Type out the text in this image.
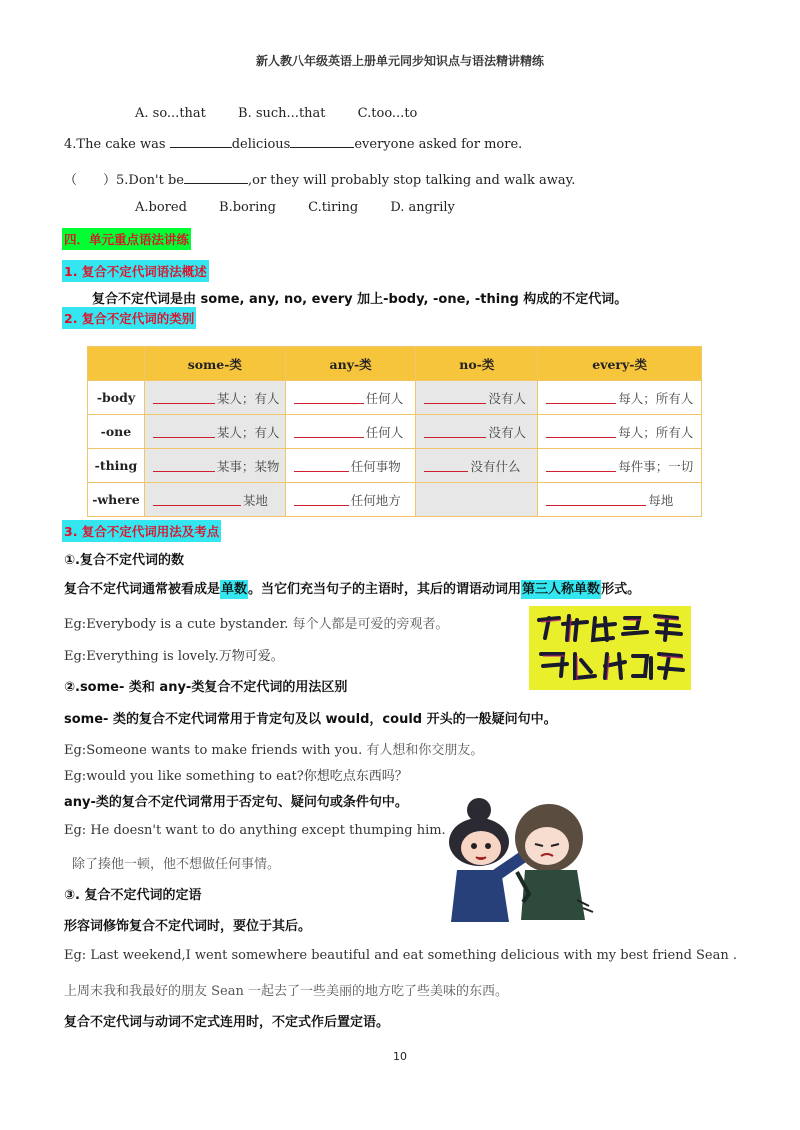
新人教八年级英语上册单元同步知识点与语法精讲精练
A. so...that B. such...that C.too...to
4.The cake was	delicious	everyone asked for more.
（　　）5.Don't be	,or they will probably stop talking and walk away.
A.bored B.boring C.tiring D. angrily
四．单元重点语法讲练
1. 复合不定代词语法概述
复合不定代词是由 some, any, no, every 加上-body, -one, -thing 构成的不定代词。
2. 复合不定代词的类别
	some-类	any-类	no-类	every-类
-body	某人；有人	任何人	没有人	每人；所有人

-one	某人；有人	任何人	没有人	每人；所有人

-thing	某事；某物	任何事物	没有什么	每件事；一切

-where	某地	任何地方		每地
3. 复合不定代词用法及考点
①.复合不定代词的数
复合不定代词通常被看成是单数。当它们充当句子的主语时，其后的谓语动词用第三人称单数形式。
Eg:Everybody is a cute bystander. 每个人都是可爱的旁观者。
Eg:Everything is lovely.万物可爱。
②.some- 类和 any-类复合不定代词的用法区别
some- 类的复合不定代词常用于肯定句及以 would，could 开头的一般疑问句中。
Eg:Someone wants to make friends with you. 有人想和你交朋友。
Eg:would you like something to eat?你想吃点东西吗？
any-类的复合不定代词常用于否定句、疑问句或条件句中。
Eg: He doesn't want to do anything except thumping him.
除了揍他一顿，他不想做任何事情。
③. 复合不定代词的定语
形容词修饰复合不定代词时，要位于其后。
Eg: Last weekend,I went somewhere beautiful and eat something delicious with my best friend Sean .
上周末我和我最好的朋友 Sean 一起去了一些美丽的地方吃了些美味的东西。
复合不定代词与动词不定式连用时，不定式作后置定语。
10
